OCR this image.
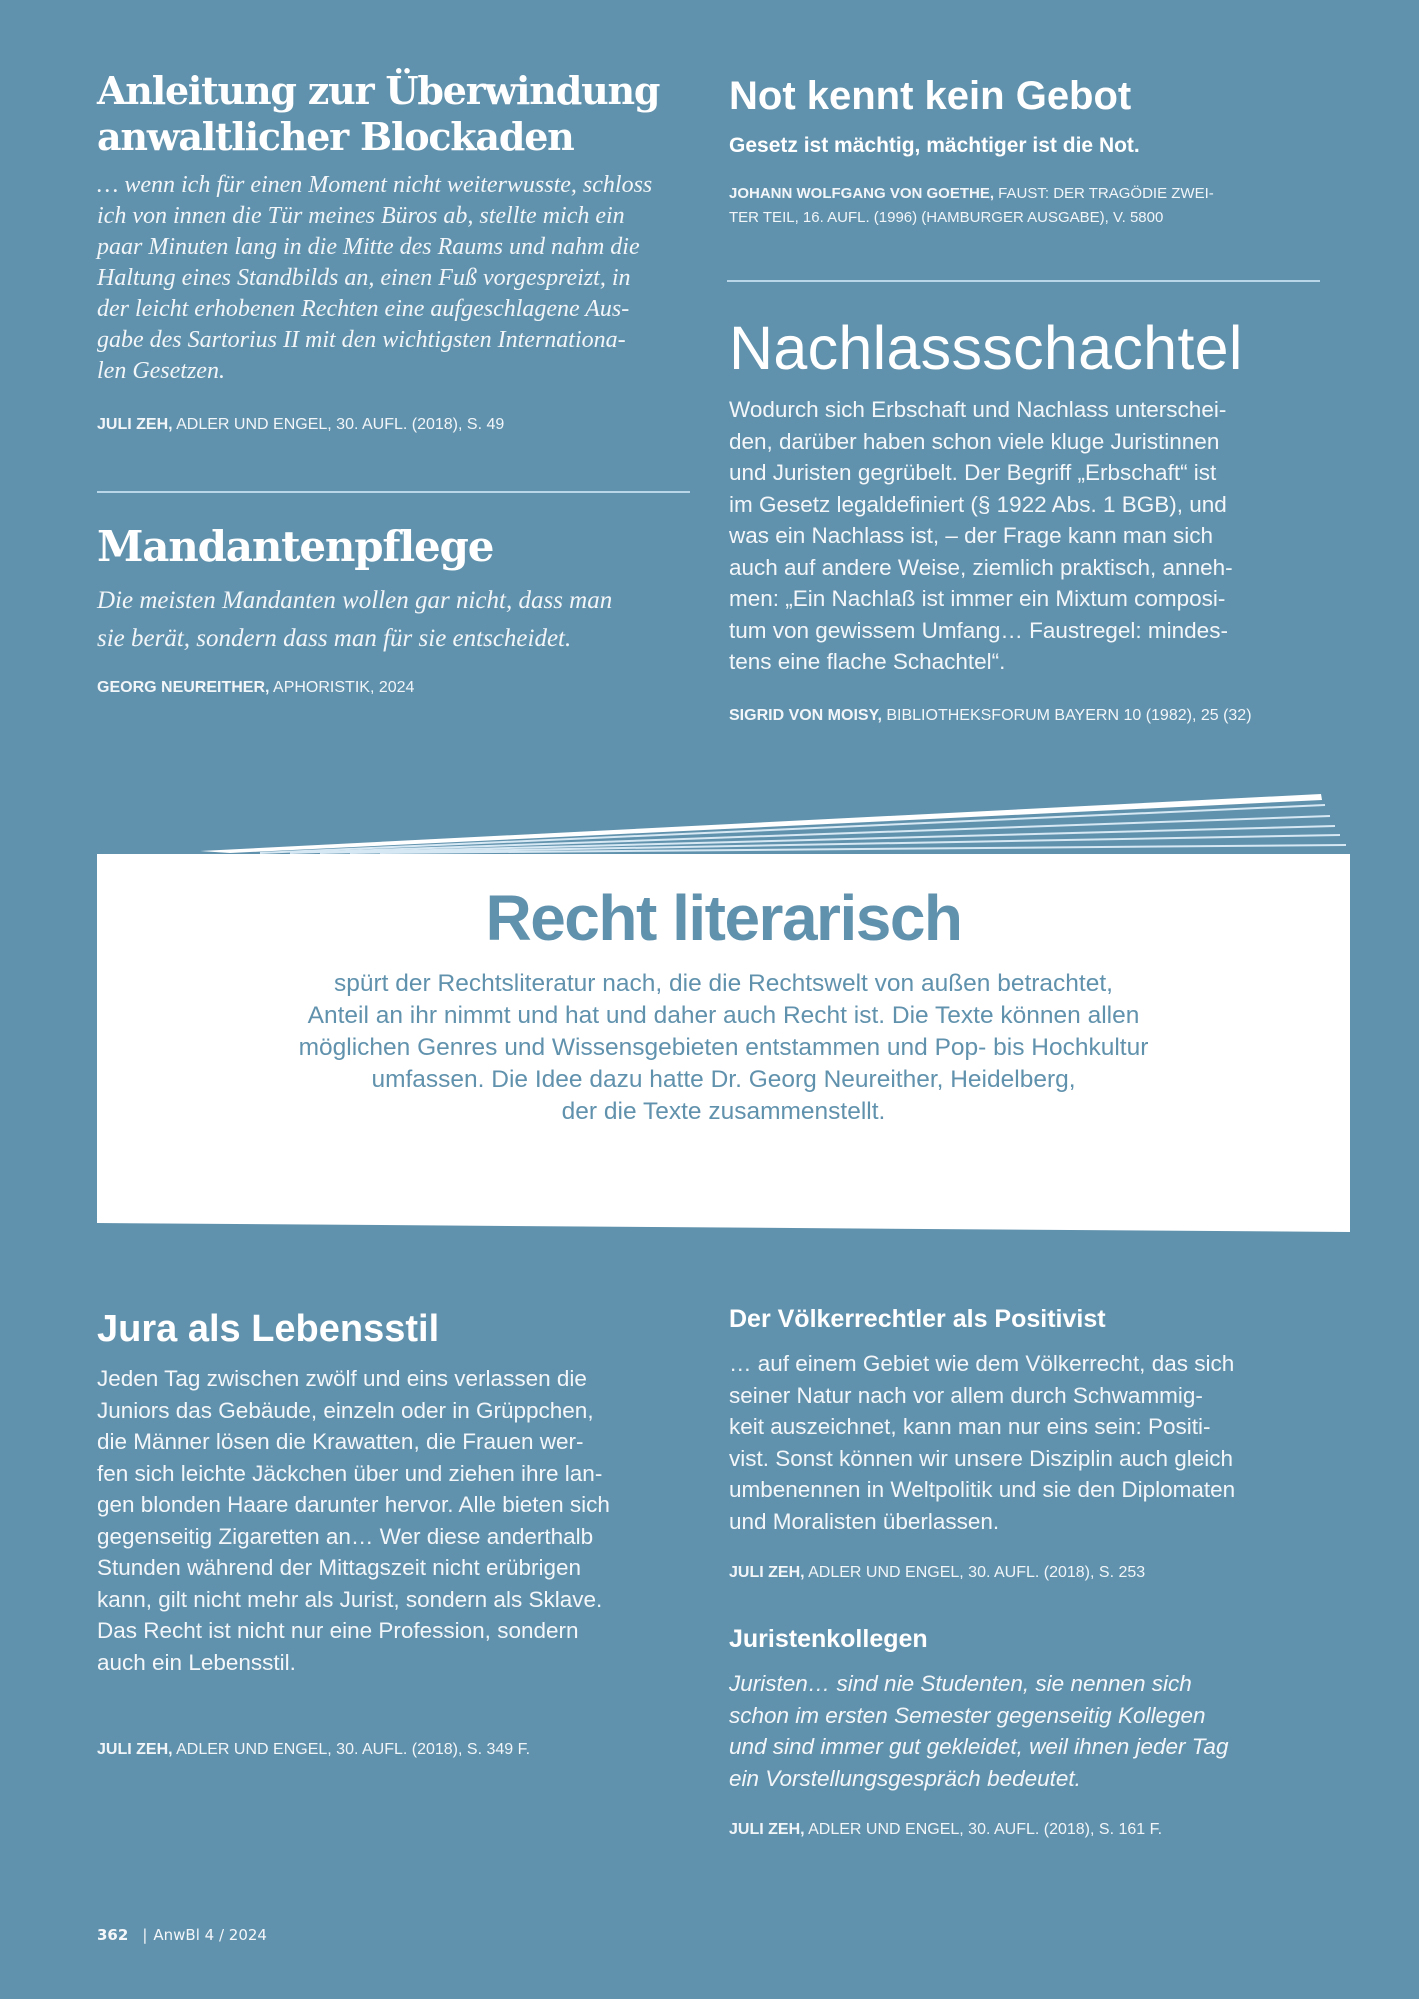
Anleitung zur Überwindung
anwaltlicher Blockaden
… wenn ich für einen Moment nicht weiterwusste, schloss
ich von innen die Tür meines Büros ab, stellte mich ein
paar Minuten lang in die Mitte des Raums und nahm die
Haltung eines Standbilds an, einen Fuß vorgespreizt, in
der leicht erhobenen Rechten eine aufgeschlagene Aus-
gabe des Sartorius II mit den wichtigsten Internationa-
len Gesetzen.

JULI ZEH, ADLER UND ENGEL, 30. AUFL. (2018), S. 49

Mandantenpflege
Die meisten Mandanten wollen gar nicht, dass man
sie berät, sondern dass man für sie entscheidet.

GEORG NEUREITHER, APHORISTIK, 2024

Not kennt kein Gebot

Gesetz ist mächtig, mächtiger ist die Not.

JOHANN WOLFGANG VON GOETHE, FAUST: DER TRAGÖDIE ZWEI-
TER TEIL, 16. AUFL. (1996) (HAMBURGER AUSGABE), V. 5800

Nachlassschachtel
Wodurch sich Erbschaft und Nachlass unterschei-
den, darüber haben schon viele kluge Juristinnen
und Juristen gegrübelt. Der Begriff „Erbschaft“ ist
im Gesetz legaldefiniert (§ 1922 Abs. 1 BGB), und
was ein Nachlass ist, – der Frage kann man sich
auch auf andere Weise, ziemlich praktisch, anneh-
men: „Ein Nachlaß ist immer ein Mixtum composi-
tum von gewissem Umfang… Faustregel: mindes-
tens eine flache Schachtel“.

SIGRID VON MOISY, BIBLIOTHEKSFORUM BAYERN 10 (1982), 25 (32)

Recht literarisch
spürt der Rechtsliteratur nach, die die Rechtswelt von außen betrachtet,
Anteil an ihr nimmt und hat und daher auch Recht ist. Die Texte können allen
möglichen Genres und Wissensgebieten entstammen und Pop- bis Hochkultur
umfassen. Die Idee dazu hatte Dr. Georg Neureither, Heidelberg,
der die Texte zusammenstellt.
Jura als Lebensstil
Jeden Tag zwischen zwölf und eins verlassen die
Juniors das Gebäude, einzeln oder in Grüppchen,
die Männer lösen die Krawatten, die Frauen wer-
fen sich leichte Jäckchen über und ziehen ihre lan-
gen blonden Haare darunter hervor. Alle bieten sich
gegenseitig Zigaretten an… Wer diese anderthalb
Stunden während der Mittagszeit nicht erübrigen
kann, gilt nicht mehr als Jurist, sondern als Sklave.
Das Recht ist nicht nur eine Profession, sondern
auch ein Lebensstil.

JULI ZEH, ADLER UND ENGEL, 30. AUFL. (2018), S. 349 F.

Der Völkerrechtler als Positivist
… auf einem Gebiet wie dem Völkerrecht, das sich
seiner Natur nach vor allem durch Schwammig-
keit auszeichnet, kann man nur eins sein: Positi-
vist. Sonst können wir unsere Disziplin auch gleich
umbenennen in Weltpolitik und sie den Diplomaten
und Moralisten überlassen.

JULI ZEH, ADLER UND ENGEL, 30. AUFL. (2018), S. 253

Juristenkollegen
Juristen… sind nie Studenten, sie nennen sich
schon im ersten Semester gegenseitig Kollegen
und sind immer gut gekleidet, weil ihnen jeder Tag
ein Vorstellungsgespräch bedeutet.

JULI ZEH, ADLER UND ENGEL, 30. AUFL. (2018), S. 161 F.

362 | AnwBl 4 / 2024
